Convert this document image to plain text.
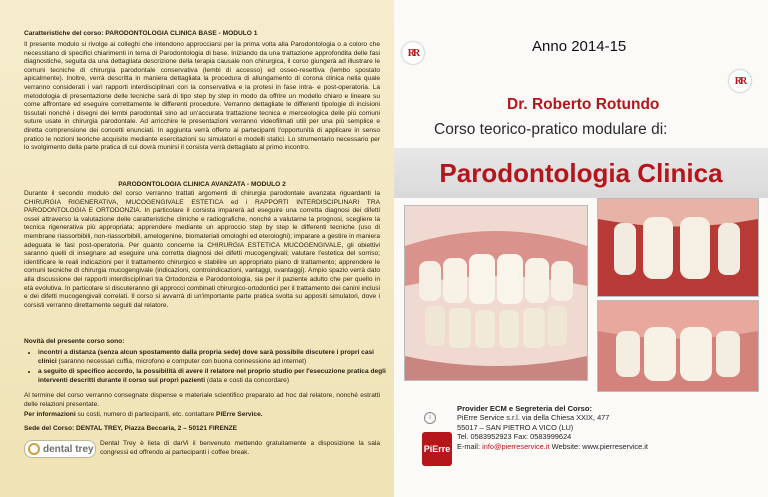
Caratteristiche del corso: PARODONTOLOGIA CLINICA BASE - MODULO 1

Il presente modulo si rivolge ai colleghi che intendono approcciarsi per la prima volta alla Parodontologia o a coloro che necessitano di specifici chiarimenti in tema di Parodontologia di base. Iniziando da una trattazione approfondita delle fasi diagnostiche, seguita da una dettagliata descrizione della terapia causale non chirurgica, il corso giungerà ad illustrare le comuni tecniche di chirurgia parodontale conservativa (lembi di accesso) ed osseo-resettiva (lembo spostato apicalmente). Inoltre, verrà descritta in maniera dettagliata la procedura di allungamento di corona clinica nella quale verranno considerati i vari rapporti interdisciplinari con la conservativa e la protesi in fase intra- e post-operatoria. La metodologia di presentazione delle tecniche sarà di tipo step by step in modo da offrire un modello chiaro e lineare su come affrontare ed eseguire correttamente le differenti procedure. Verranno dettagliate le differenti tipologie di incisioni tissutali nonché i disegni dei lembi parodontali sino ad un'accurata trattazione tecnica e merceologica delle più comuni suture usate in chirurgia parodontale. Ad arricchire le presentazioni verranno videofilmati utili per una più semplice e diretta comprensione dei concetti enunciati. In aggiunta verrà offerto ai partecipanti l'opportunità di applicare in senso pratico le nozioni teoriche acquisite mediante esercitazioni su simulatori e modelli statici. Lo strumentario necessario per lo svolgimento della parte pratica di cui dovrà munirsi il corsista verrà dettagliato al primo incontro.

PARODONTOLOGIA CLINICA AVANZATA - MODULO 2

Durante il secondo modulo del corso verranno trattati argomenti di chirurgia parodontale avanzata riguardanti la CHIRURGIA RIGENERATIVA, MUCOGENGIVALE ESTETICA ed i RAPPORTI INTERDISCIPLINARI TRA PARODONTOLOGIA E ORTODONZIA. In particolare il corsista imparerà ad eseguire una corretta diagnosi dei difetti ossei attraverso la valutazione delle caratteristiche cliniche e radiografiche, nonché a valutarne la prognosi, scegliere la tecnica rigenerativa più appropriata; apprendere mediante un approccio step by step le differenti tecniche (uso di membrane riassorbibili, non-riassorbibili, amelogenine, biomateriali omologhi ed eterologhi); imparare a gestire in maniera adeguata le fasi post-operatoria. Per quanto concerne la CHIRURGIA ESTETICA MUCOGENGIVALE, gli obiettivi saranno quelli di insegnare ad eseguire una corretta diagnosi dei difetti mucogengivali; valutare l'estetica del sorriso; identificare le reali indicazioni per il trattamento chirurgico e stabilire un appropriato piano di trattamento; apprendere le comuni tecniche di chirurgia mucogengivale (indicazioni, controindicazioni, vantaggi, svantaggi). Ampio spazio verrà dato alla discussione dei rapporti interdisciplinari tra Ortodonzia e Parodontologia, sia per il paziente adulto che per quello in età evolutiva. In particolare si discuteranno gli approcci combinati chirurgico-ortodontici per il trattamento dei canini inclusi e dei difetti mucogengivali correlati. Il corso si avvarrà di un'importante parte pratica svolta su appositi simulatori, dove i corsisti verranno direttamente seguiti dal relatore.

Novità del presente corso sono:

• incontri a distanza (senza alcun spostamento dalla propria sede) dove sarà possibile discutere i propri casi clinici (saranno necessari cuffia, microfono e computer con buona connessione ad internet)
• a seguito di specifico accordo, la possibilità di avere il relatore nel proprio studio per l'esecuzione pratica degli interventi descritti durante il corso sui propri pazienti (data e costi da concordare)

Al termine del corso verranno consegnate dispense e materiale scientifico preparato ad hoc dal relatore, nonché estratti delle relazioni presentate.

Per informazioni su costi, numero di partecipanti, etc. contattare PiErre Service.

Sede del Corso: DENTAL TREY, Piazza Beccaria, 2 – 50121 FIRENZE

dental trey Dental Trey è lieta di darVi il benvenuto mettendo gratuitamente a disposizione la sala congressi ed offrendo ai partecipanti i coffee break.

RR	Anno 2014-15
RR
Dr. Roberto Rotundo
Corso teorico-pratico modulare di:
Parodontologia Clinica
i
PiErre
Provider ECM e Segreteria del Corso:
PiErre Service s.r.l. via della Chiesa XXIX, 477
55017 – SAN PIETRO A VICO (LU)
Tel. 0583952923 Fax: 0583999624
E-mail: info@pierreservice.it Website: www.pierreservice.it
